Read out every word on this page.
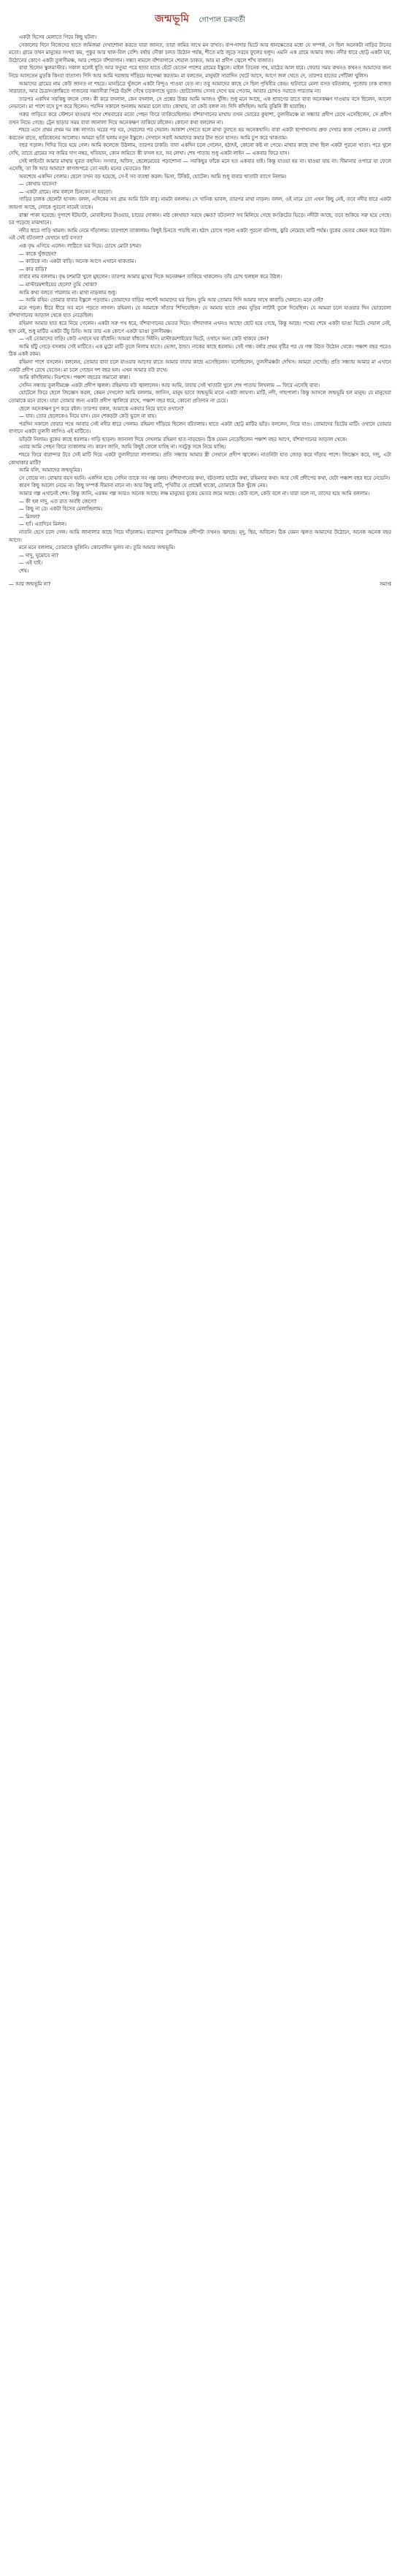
জন্মভূমি গোপাল চক্রবর্তী

একটা হিসেব মেলাতে গিয়ে কিছু ঘটনা।

সেকালের দিনে নিজেদের হাতে জমিজমা দেখাশোনা করতে যারা জানত, তারা জমির সাথে মন রাখত। বাপ-দাদার ভিটে আর ধানক্ষেতের মধ্যে যে সম্পর্ক, সে ছিল অনেকটা নাড়ির টানের মতো। গ্রামে তখন মানুষের সংখ্যা কম, পুকুর আর খাল-বিল বেশি। বর্ষায় নৌকা চলত উঠোন পর্যন্ত, শীতে মাঠ জুড়ে সরষে ফুলের হলুদ। এমনি এক গ্রামে আমার জন্ম। নদীর ধারে ছোট্ট একটা ঘর, উঠোনের কোণে একটা তুলসীমঞ্চ, আর পেছনে বাঁশবাগান। সন্ধ্যা নামলে বাঁশবাগানে শেয়াল ডাকত, আর মা প্রদীপ জ্বেলে শাঁখ বাজাত।

বাবা ছিলেন স্কুলমাস্টার। সকাল হলেই ধুতি আর ফতুয়া পরে ছাতা হাতে হেঁটে যেতেন পাশের গ্রামের ইস্কুলে। মাইল তিনেক পথ, মাঠের আল ধরে। ফেরার সময় কখনও কখনও আমাদের জন্য নিয়ে আসতেন মুড়কি কিংবা বাতাসা। দিদি আর আমি দরজায় দাঁড়িয়ে অপেক্ষা করতাম। মা বলতেন, মানুষটা সারাদিন খেটে আসে, আগে জল খেতে দে, তারপর হাতের পোঁটলা খুলিস।

আমাদের গ্রামের নাম কেউ জানত না শহরে। মানচিত্রে খুঁজলে একটা বিন্দুও পাওয়া যেত না। তবু আমাদের কাছে সে ছিল পৃথিবীর কেন্দ্র। হাটবারে মেলা বসত বটতলায়, পুজোয় ঢাক বাজত সারারাত, আর চৈত্রসংক্রান্তিতে গাজনের সন্ন্যাসীরা পিঠে বঁড়শি গেঁথে চড়কগাছে ঘুরত। ছোটবেলায় সেসব দেখে ভয় পেতাম, আবার চোখও সরাতে পারতাম না।

তারপর একদিন সবকিছু বদলে গেল। কী করে বদলাল, কেন বদলাল, সে প্রশ্নের উত্তর আমি আজও খুঁজি। শুধু মনে আছে, এক শ্রাবণের রাতে বাবা অনেকক্ষণ দাওয়ায় বসে ছিলেন, আলো নেভানো। মা পাশে বসে চুপ করে ছিলেন। পরদিন সকালে শুনলাম আমরা চলে যাব। কোথায়, তা কেউ বলল না। দিদি কাঁদছিল। আমি বুঝিনি কী হারাচ্ছি।

গরুর গাড়িতে করে স্টেশনে যাওয়ার পথে শেষবারের মতো পেছন ফিরে তাকিয়েছিলাম। বাঁশবাগানের মাথায় তখন ভোরের কুয়াশা, তুলসীমঞ্চে মা সন্ধ্যার প্রদীপ রেখে এসেছিলেন, সে প্রদীপ তখন নিভে গেছে। ট্রেন ছাড়ার সময় বাবা জানালা দিয়ে অনেকক্ষণ তাকিয়ে রইলেন। কোনো কথা বললেন না।

শহরে এসে প্রথম প্রথম দম বন্ধ লাগত। ঘরের পর ঘর, দেয়ালের পর দেয়াল। আকাশ দেখতে হলে মাথা তুলতে হয় অনেকখানি। বাবা একটা ছাপাখানায় প্রুফ দেখার কাজ পেলেন। মা সেলাই করতেন রাতে, হারিকেনের আলোয়। আমরা ভর্তি হলাম নতুন ইস্কুলে। সেখানে সবাই আমাদের কথার টান শুনে হাসত। আমি চুপ করে থাকতাম।

বছর গড়াল। দিদির বিয়ে হয়ে গেল। আমি কলেজে উঠলাম, তারপর চাকরি। বাবা একদিন চলে গেলেন, হঠাৎই, কোনো কষ্ট না পেয়ে। মাথার কাছে রাখা ছিল একটা পুরনো খাতা। পরে খুলে দেখি, তাতে গ্রামের সব জমির দাগ নম্বর, খতিয়ান, কোন জমিতে কী ফসল হত, সব লেখা। শেষ পাতায় শুধু একটা লাইন — একবার ফিরে যাস।

সেই লাইনটা আমার মাথায় ঘুরত বহুদিন। সংসার, অফিস, ছেলেমেয়ের পড়াশোনা — সবকিছুর ফাঁকে মনে হত একবার যাই। কিন্তু যাওয়া হয় না। যাওয়া যায় না। সীমানার ওপারে যা ফেলে এসেছি, তা কি আর আমার? কাগজপত্রে তো নয়ই। মনের ভেতরেও কি?

অবশেষে একদিন গেলাম। ছেলে তখন বড় হয়েছে, সে-ই সব ব্যবস্থা করল। ভিসা, টিকিট, হোটেল। আমি শুধু বাবার খাতাটা ব্যাগে নিলাম।

— কোথায় যাবেন?

— একটা গ্রামে। নাম বললে চিনবেন না হয়তো।

গাড়ির চালক ছেলেটা হাসল। বলল, এদিকের সব গ্রাম আমি চিনি বাবু। নামটা বললাম। সে খানিক ভাবল, তারপর মাথা নাড়ল। বলল, ওই নামে তো এখন কিছু নেই, তবে নদীর ধারে একটা জায়গা আছে, লোকে পুরনো নামেই ডাকে।

রাস্তা পাকা হয়েছে। দুপাশে ইটভাটা, মোবাইলের টাওয়ার, চায়ের দোকান। মাঠ কোথায়? সরষে ক্ষেত? বটতলা? সব মিলিয়ে গেছে কংক্রিটের ভিড়ে। নদীটা আছে, তবে শুকিয়ে সরু হয়ে গেছে। চর পড়েছে মাঝখানে।

নদীর ধারে গাড়ি থামল। আমি নেমে দাঁড়ালাম। চারপাশে তাকালাম। কিছুই চিনতে পারছি না। হঠাৎ চোখে পড়ল একটা পুরনো বটগাছ, ঝুরি নেমেছে মাটি পর্যন্ত। বুকের ভেতর কেমন করে উঠল। এই সেই বটতলা? যেখানে হাট বসত?

এক বৃদ্ধ এগিয়ে এলেন। লাঠিতে ভর দিয়ে। চোখে মোটা চশমা।

— কাকে খুঁজছেন?

— কাউকে না। একটা বাড়ি। অনেক আগে এখানে থাকতাম।

— কার বাড়ি?

বাবার নাম বললাম। বৃদ্ধ চশমাটা খুলে মুছলেন। তারপর আমার মুখের দিকে অনেকক্ষণ তাকিয়ে থাকলেন। তাঁর চোখ ছলছল করে উঠল।

— মাস্টারমশাইয়ের ছেলে? তুমি খোকা?

আমি কথা বলতে পারলাম না। মাথা নাড়লাম শুধু।

— আমি রহিম। তোমার বাবার ইস্কুলে পড়তাম। তোমাদের বাড়ির পাশেই আমাদের ঘর ছিল। তুমি আর তোমার দিদি আমার সাথে কাবাডি খেলতে। মনে নেই?

মনে পড়ল। ধীরে ধীরে সব মনে পড়তে লাগল। রহিমদা। যে আমাকে সাঁতার শিখিয়েছিল। যে আমার হাতে প্রথম ঘুড়ির লাটাই তুলে দিয়েছিল। যে আমরা চলে যাওয়ার দিন ভোরবেলা বাঁশবাগানের আড়াল থেকে হাত নেড়েছিল।

রহিমদা আমার হাত ধরে নিয়ে গেলেন। একটা সরু পথ ধরে, বাঁশবাগানের ভেতর দিয়ে। বাঁশবাগান এখনও আছে! ছোট হয়ে গেছে, কিন্তু আছে। পথের শেষে একটা ভাঙা ভিটে। দেয়াল নেই, ছাদ নেই, শুধু মাটির একটা উঁচু ঢিবি। আর তার এক কোণে একটা ভাঙা তুলসীমঞ্চ।

— এই তোমাদের বাড়ি। কেউ এখানে ঘর বাঁধেনি। আমরা বাঁধতে দিইনি। মাস্টারমশাইয়ের ভিটে, ওখানে অন্য কেউ থাকবে কেন?

আমি হাঁটু গেড়ে বসলাম সেই মাটিতে। এক মুঠো মাটি তুলে নিলাম হাতে। ভেজা, ঠান্ডা। নাকের কাছে ধরলাম। সেই গন্ধ। বর্ষার প্রথম বৃষ্টির পর যে গন্ধ উঠত উঠোন থেকে। পঞ্চাশ বছর পরেও ঠিক একই রকম।

রহিমদা পাশে বসলেন। বললেন, তোমার বাবা চলে যাওয়ার আগের রাতে আমার বাবার কাছে এসেছিলেন। বলেছিলেন, তুলসীমঞ্চটা দেখিস। আমরা দেখেছি। প্রতি সন্ধ্যায় আমার মা এখানে একটা প্রদীপ রেখে যেতেন। মা চলে গেছেন দশ বছর হল। এখন আমার বউ রাখে।

আমি কাঁদছিলাম। নিঃশব্দে। পঞ্চাশ বছরের জমানো কান্না।

সেদিন সন্ধ্যায় তুলসীমঞ্চে একটা প্রদীপ জ্বলল। রহিমদার বউ জ্বালালেন। আর আমি, বাবার সেই খাতাটা খুলে শেষ পাতায় লিখলাম — ফিরে এসেছি বাবা।

হোটেলে ফিরে ছেলে জিজ্ঞেস করল, কেমন দেখলে? আমি বললাম, জানিস, মানুষ ভাবে জন্মভূমি মানে একটা জায়গা। মাটি, নদী, গাছপালা। কিন্তু আসলে জন্মভূমি হল মানুষ। যে মানুষেরা তোমাকে মনে রাখে। যারা তোমার জন্য একটা প্রদীপ জ্বালিয়ে রাখে, পঞ্চাশ বছর ধরে, কোনো প্রতিদান না চেয়ে।

ছেলে অনেকক্ষণ চুপ করে রইল। তারপর বলল, আমাকে একবার নিয়ে যাবে ওখানে?

— যাব। তোর ছেলেকেও নিয়ে যাস। যেন শেকড়টা কেউ ভুলে না যায়।

পরদিন সকালে ফেরার পথে আবার সেই নদীর ধারে গেলাম। রহিমদা দাঁড়িয়ে ছিলেন বটতলায়। হাতে একটা ছোট্ট মাটির ভাঁড়। বললেন, নিয়ে যাও। তোমাদের ভিটের মাটি। ওখানে তোমার বাগানে একটা তুলসী লাগিও এই মাটিতে।

ভাঁড়টা নিলাম। বুকের কাছে ধরলাম। গাড়ি ছাড়ল। জানালা দিয়ে দেখলাম রহিমদা হাত নাড়ছেন। ঠিক যেমন নেড়েছিলেন পঞ্চাশ বছর আগে, বাঁশবাগানের আড়াল থেকে।

এবার আমি পেছন ফিরে তাকালাম না। কারণ জানি, আমি কিছুই ফেলে যাচ্ছি না। সবটুকু সঙ্গে নিয়ে যাচ্ছি।

শহরে ফিরে বারান্দার টবে সেই মাটি দিয়ে একটা তুলসীচারা লাগালাম। প্রতি সন্ধ্যায় আমার স্ত্রী সেখানে প্রদীপ জ্বালেন। নাতনিটা হাত জোড় করে দাঁড়ায় পাশে। জিজ্ঞেস করে, দাদু, এটা কোথাকার মাটি?

আমি বলি, আমাদের জন্মভূমির।

সে বোঝে না। বোঝার বয়স হয়নি। একদিন হবে। সেদিন তাকে সব গল্প বলব। বাঁশবাগানের কথা, বটতলার হাটের কথা, রহিমদার কথা। আর সেই প্রদীপের কথা, যেটা পঞ্চাশ বছর ধরে নেভেনি।

কারণ কিছু আলো নেভে না। কিছু সম্পর্ক সীমানা মানে না। আর কিছু মাটি, পৃথিবীর যে প্রান্তেই থাকো, তোমাকে ঠিক খুঁজে নেয়।

আমার গল্প এখানেই শেষ। কিন্তু জানি, এরকম গল্প আরও অনেক আছে। লক্ষ মানুষের বুকের ভেতর জমে আছে। কেউ বলে, কেউ বলে না। যারা বলে না, তাদের হয়ে আমি বললাম।

— কী হল দাদু, এত রাত অবধি জেগে?

— কিছু না রে। একটা হিসেব মেলাচ্ছিলাম।

— মিলল?

— হ্যাঁ। এতদিনে মিলল।

নাতনি হেসে চলে গেল। আমি জানালার কাছে গিয়ে দাঁড়ালাম। বারান্দার তুলসীমঞ্চে প্রদীপটা তখনও জ্বলছে। মৃদু, স্থির, অবিচল। ঠিক যেমন জ্বলত আমাদের উঠোনে, অনেক অনেক বছর আগে।

মনে মনে বললাম, তোমাকে ভুলিনি। কোনোদিন ভুলব না। তুমি আমার জন্মভূমি।

— দাদু, ঘুমোবে না?

— এই যাই।

শেষ।

— আর জন্মভূমি না?	সমাপ্ত
